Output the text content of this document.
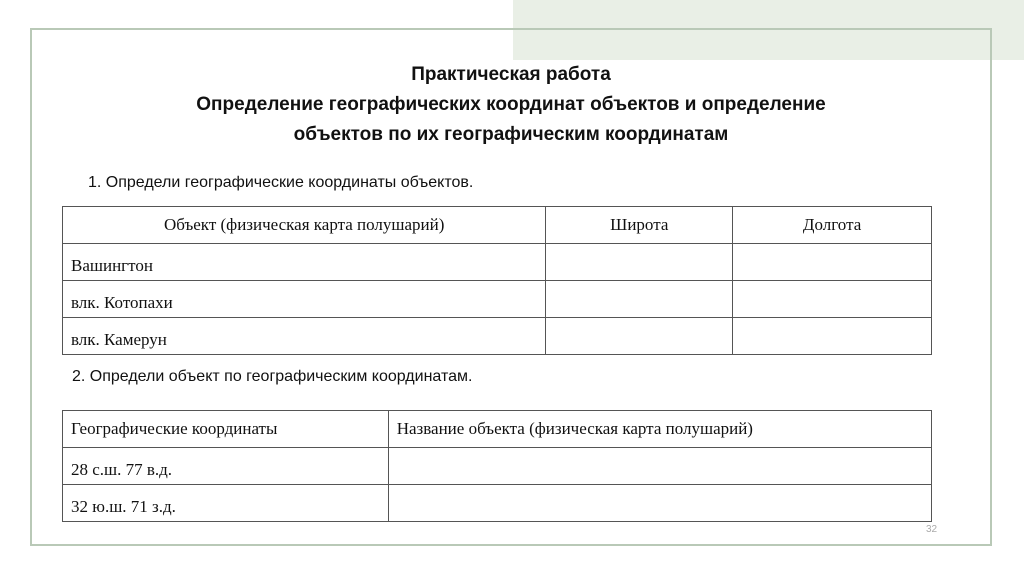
Практическая работа
Определение географических координат объектов и определение
объектов по их географическим координатам
1. Определи географические координаты объектов.
Объект (физическая карта полушарий)	Широта	Долгота
Вашингтон		
влк. Котопахи		
влк. Камерун		
2. Определи объект по географическим координатам.
Географические координаты	Название объекта (физическая карта полушарий)
28 с.ш. 77 в.д.	
32 ю.ш. 71 з.д.	
32
